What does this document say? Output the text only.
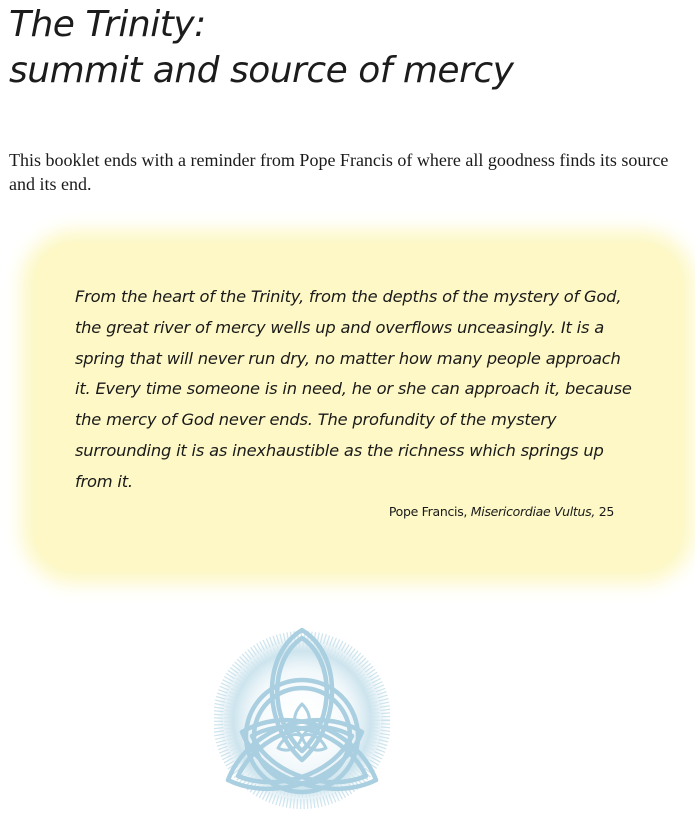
The Trinity:
summit and source of mercy

This booklet ends with a reminder from Pope Francis of where all goodness finds its source and its end.

From the heart of the Trinity, from the depths of the mystery of God, the great river of mercy wells up and overflows unceasingly. It is a spring that will never run dry, no matter how many people approach it. Every time someone is in need, he or she can approach it, because the mercy of God never ends. The profundity of the mystery surrounding it is as inexhaustible as the richness which springs up from it.

Pope Francis, Misericordiae Vultus, 25
